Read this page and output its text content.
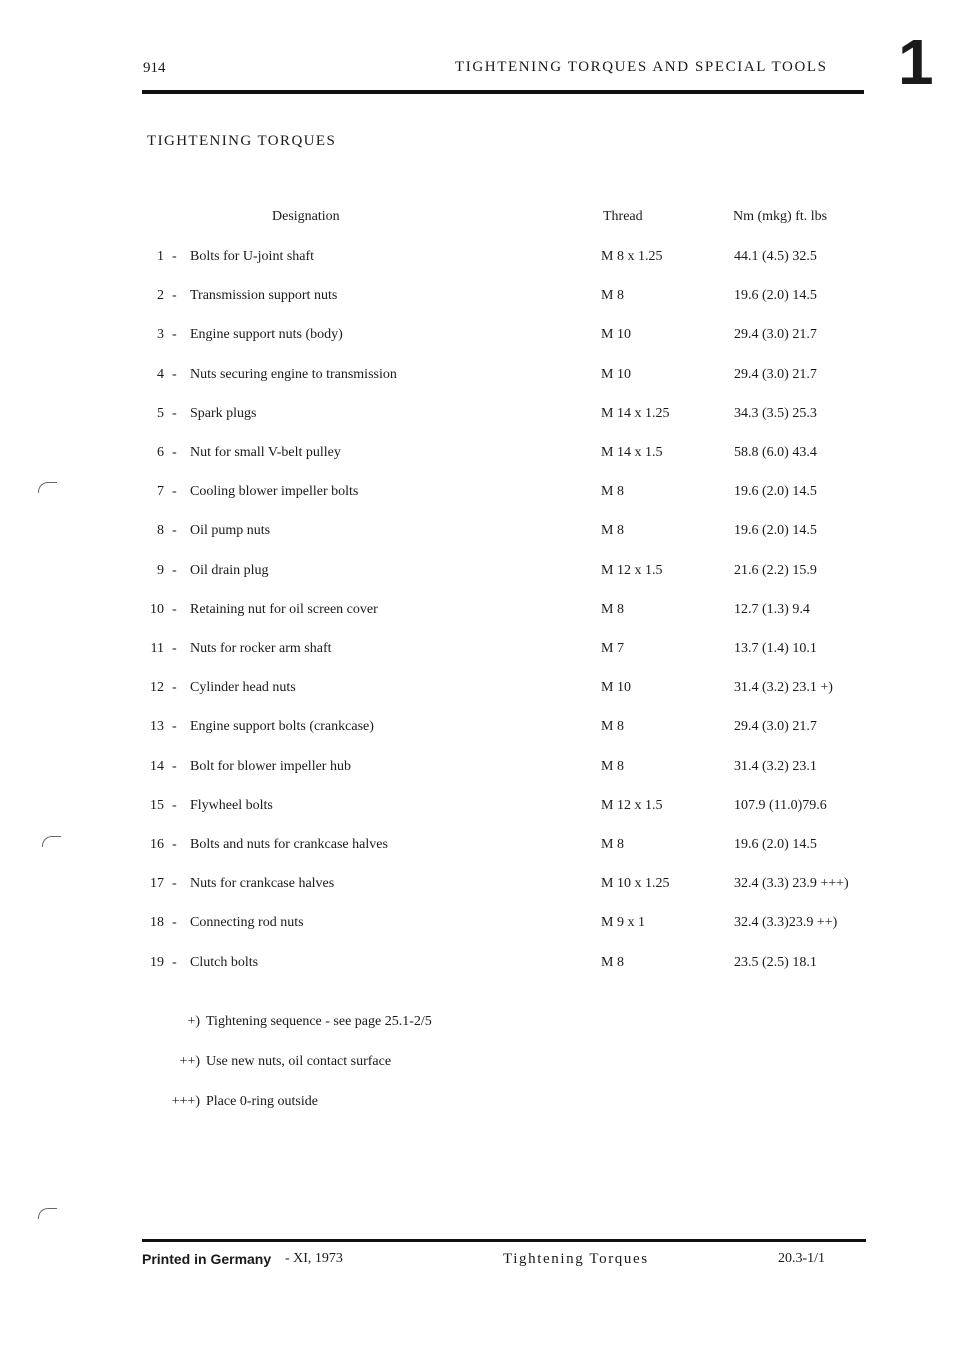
914	TIGHTENING TORQUES AND SPECIAL TOOLS 1
TIGHTENING TORQUES
Designation	Thread	Nm (mkg) ft. lbs
1 - Bolts for U-joint shaft	M 8 x 1.25	44.1 (4.5) 32.5
2 - Transmission support nuts	M 8	19.6 (2.0) 14.5
3 - Engine support nuts (body)	M 10	29.4 (3.0) 21.7
4 - Nuts securing engine to transmission	M 10	29.4 (3.0) 21.7
5 - Spark plugs	M 14 x 1.25	34.3 (3.5) 25.3
6 - Nut for small V-belt pulley	M 14 x 1.5	58.8 (6.0) 43.4
7 - Cooling blower impeller bolts	M 8	19.6 (2.0) 14.5
8 - Oil pump nuts	M 8	19.6 (2.0) 14.5
9 - Oil drain plug	M 12 x 1.5	21.6 (2.2) 15.9
10 - Retaining nut for oil screen cover	M 8	12.7 (1.3) 9.4
11 - Nuts for rocker arm shaft	M 7	13.7 (1.4) 10.1
12 - Cylinder head nuts	M 10	31.4 (3.2) 23.1 +)
13 - Engine support bolts (crankcase)	M 8	29.4 (3.0) 21.7
14 - Bolt for blower impeller hub	M 8	31.4 (3.2) 23.1
15 - Flywheel bolts	M 12 x 1.5	107.9 (11.0)79.6
16 - Bolts and nuts for crankcase halves	M 8	19.6 (2.0) 14.5
17 - Nuts for crankcase halves	M 10 x 1.25	32.4 (3.3) 23.9 +++)
18 - Connecting rod nuts	M 9 x 1	32.4 (3.3)23.9 ++)
19 - Clutch bolts	M 8	23.5 (2.5) 18.1
+) Tightening sequence - see page 25.1-2/5
++) Use new nuts, oil contact surface
+++) Place 0-ring outside
Printed in Germany - XI, 1973	Tightening Torques	20.3-1/1
